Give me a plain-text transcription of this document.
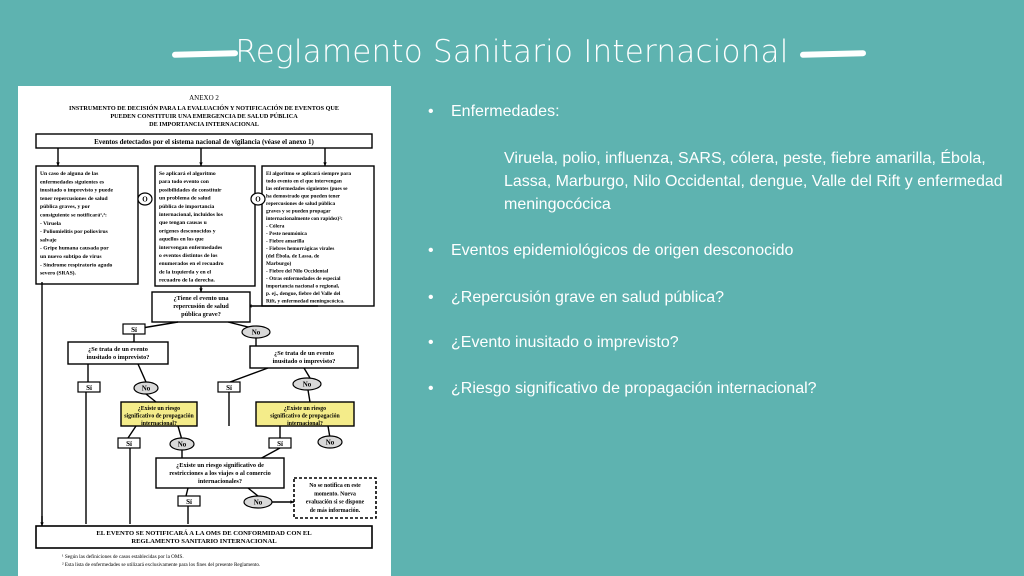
Reglamento Sanitario Internacional
ANEXO 2
INSTRUMENTO DE DECISIÓN PARA LA EVALUACIÓN Y NOTIFICACIÓN DE EVENTOS QUE
PUEDEN CONSTITUIR UNA EMERGENCIA DE SALUD PÚBLICA
DE IMPORTANCIA INTERNACIONAL
Eventos detectados por el sistema nacional de vigilancia (véase el anexo 1)
Un caso de alguna de las
enfermedades siguientes es
inusitado o imprevisto y puede
tener repercusiones de salud
pública graves, y por
consiguiente se notificará¹,²:
- Viruela
- Poliomielitis por poliovirus
salvaje
- Gripe humana causada por
un nuevo subtipo de virus
- Síndrome respiratorio agudo
severo (SRAS).
Se aplicará el algoritmo
para todo evento con
posibilidades de constituir
un problema de salud
pública de importancia
internacional, incluidos los
que tengan causas u
orígenes desconocidos y
aquellos en los que
intervengan enfermedades
o eventos distintos de los
enumerados en el recuadro
de la izquierda y en el
recuadro de la derecha.
El algoritmo se aplicará siempre para
todo evento en el que intervengan
las enfermedades siguientes (pues se
ha demostrado que pueden tener
repercusiones de salud pública
graves y se pueden propagar
internacionalmente con rapidez)²:
- Cólera
- Peste neumónica
- Fiebre amarilla
- Fiebres hemorrágicas virales
(del Ébola, de Lassa, de
Marburgo)
- Fiebre del Nilo Occidental
- Otras enfermedades de especial
importancia nacional o regional,
p. ej., dengue, fiebre del Valle del
Rift, y enfermedad meningocócica.
O	O
¿Tiene el evento una
repercusión de salud
pública grave?
Sí	No
¿Se trata de un evento
inusitado o imprevisto?
Sí	No
¿Se trata de un evento
inusitado o imprevisto?
Sí	No
¿Existe un riesgo
significativo de propagación
internacional?
¿Existe un riesgo
significativo de propagación
internacional?
Sí	No	Sí	No
¿Existe un riesgo significativo de
restricciones a los viajes o al comercio
internacionales?
Sí	No
No se notifica en este
momento. Nueva
evaluación si se dispone
de más información.
EL EVENTO SE NOTIFICARÁ A LA OMS DE CONFORMIDAD CON EL
REGLAMENTO SANITARIO INTERNACIONAL
¹ Según las definiciones de casos establecidas por la OMS.
² Esta lista de enfermedades se utilizará exclusivamente para los fines del presente Reglamento.
• Enfermedades:
Viruela, polio, influenza, SARS, cólera, peste, fiebre amarilla, Ébola, Lassa, Marburgo, Nilo Occidental, dengue, Valle del Rift y enfermedad meningocócica
• Eventos epidemiológicos de origen desconocido
• ¿Repercusión grave en salud pública?
• ¿Evento inusitado o imprevisto?
• ¿Riesgo significativo de propagación internacional?
